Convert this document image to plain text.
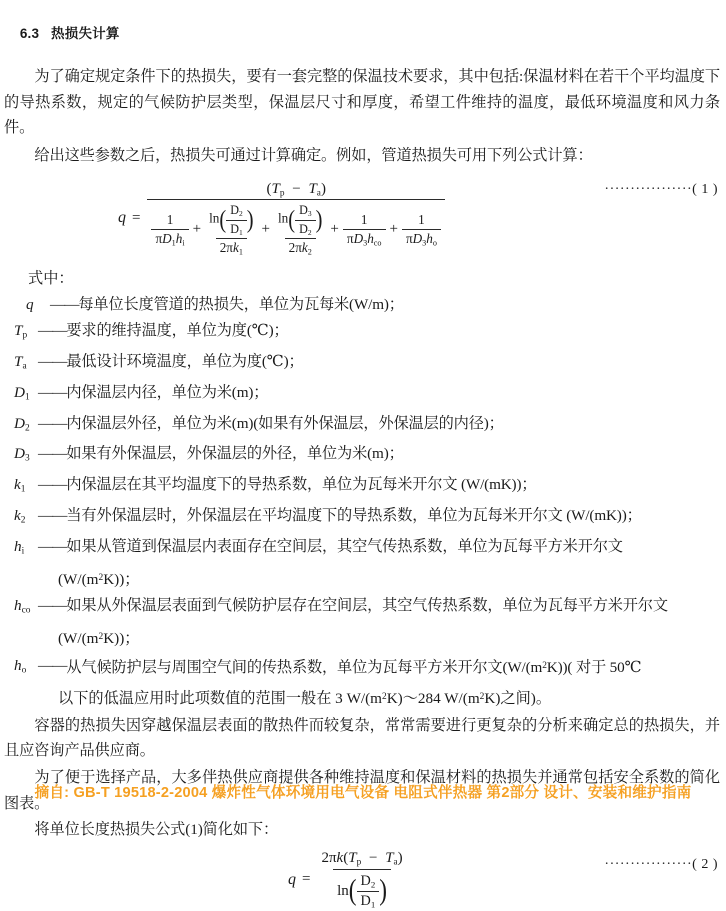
6.3 热损失计算

为了确定规定条件下的热损失，要有一套完整的保温技术要求，其中包括:保温材料在若干个平均温度下的导热系数，规定的气候防护层类型，保温层尺寸和厚度，希望工件维持的温度，最低环境温度和风力条件。

给出这些参数之后，热损失可通过计算确定。例如，管道热损失可用下列公式计算：

q =
$(T_p - T_a)$
$\frac{1}{\pi D_1h_i} + \frac{\ln( \frac{D_2}{D_1} )}{2\pi k_1} + \frac{\ln( \frac{D_3}{D_2} )}{2\pi k_2} + \frac{1}{\pi D_3h_{co}} + \frac{1}{\pi D_3h_o}$
·················( 1 )
式中：
q	—— 每单位长度管道的热损失，单位为瓦每米(W/m)；
$T_p$ —— 要求的维持温度，单位为度(℃)；
$T_a$ —— 最低设计环境温度，单位为度(℃)；
$D_1$ —— 内保温层内径，单位为米(m)；
$D_2$ —— 内保温层外径，单位为米(m)(如果有外保温层，外保温层的内径)；
$D_3$ —— 如果有外保温层，外保温层的外径，单位为米(m)；
$k_1$ —— 内保温层在其平均温度下的导热系数，单位为瓦每米开尔文 (W/(mK))；
$k_2$ —— 当有外保温层时，外保温层在平均温度下的导热系数，单位为瓦每米开尔文 (W/(mK))；
$h_i$ —— 如果从管道到保温层内表面存在空间层，其空气传热系数，单位为瓦每平方米开尔文
$(W/(m^2K))$；
$h_{co}$ —— 如果从外保温层表面到气候防护层存在空间层，其空气传热系数，单位为瓦每平方米开尔文
$(W/(m^2K))$；
$h_o$ —— 从气候防护层与周围空气间的传热系数，单位为瓦每平方米开尔文$(W/(m^2K))$( 对于 50℃
以下的低温应用时此项数值的范围一般在 3 $W/(m^2K)\sim 284$ $W/(m^2K)$之间)。

容器的热损失因穿越保温层表面的散热件而较复杂，常常需要进行更复杂的分析来确定总的热损失，并且应咨询产品供应商。

为了便于选择产品，大多伴热供应商提供各种维持温度和保温材料的热损失并通常包括安全系数的简化图表。

将单位长度热损失公式(1)简化如下：

$q = \frac{2\pi k(T_p - T_a)}{\ln( \frac{D_2}{D_1} )}$	·················( 2 )
摘自: GB-T 19518-2-2004 爆炸性气体环境用电气设备 电阻式伴热器 第2部分 设计、安装和维护指南
